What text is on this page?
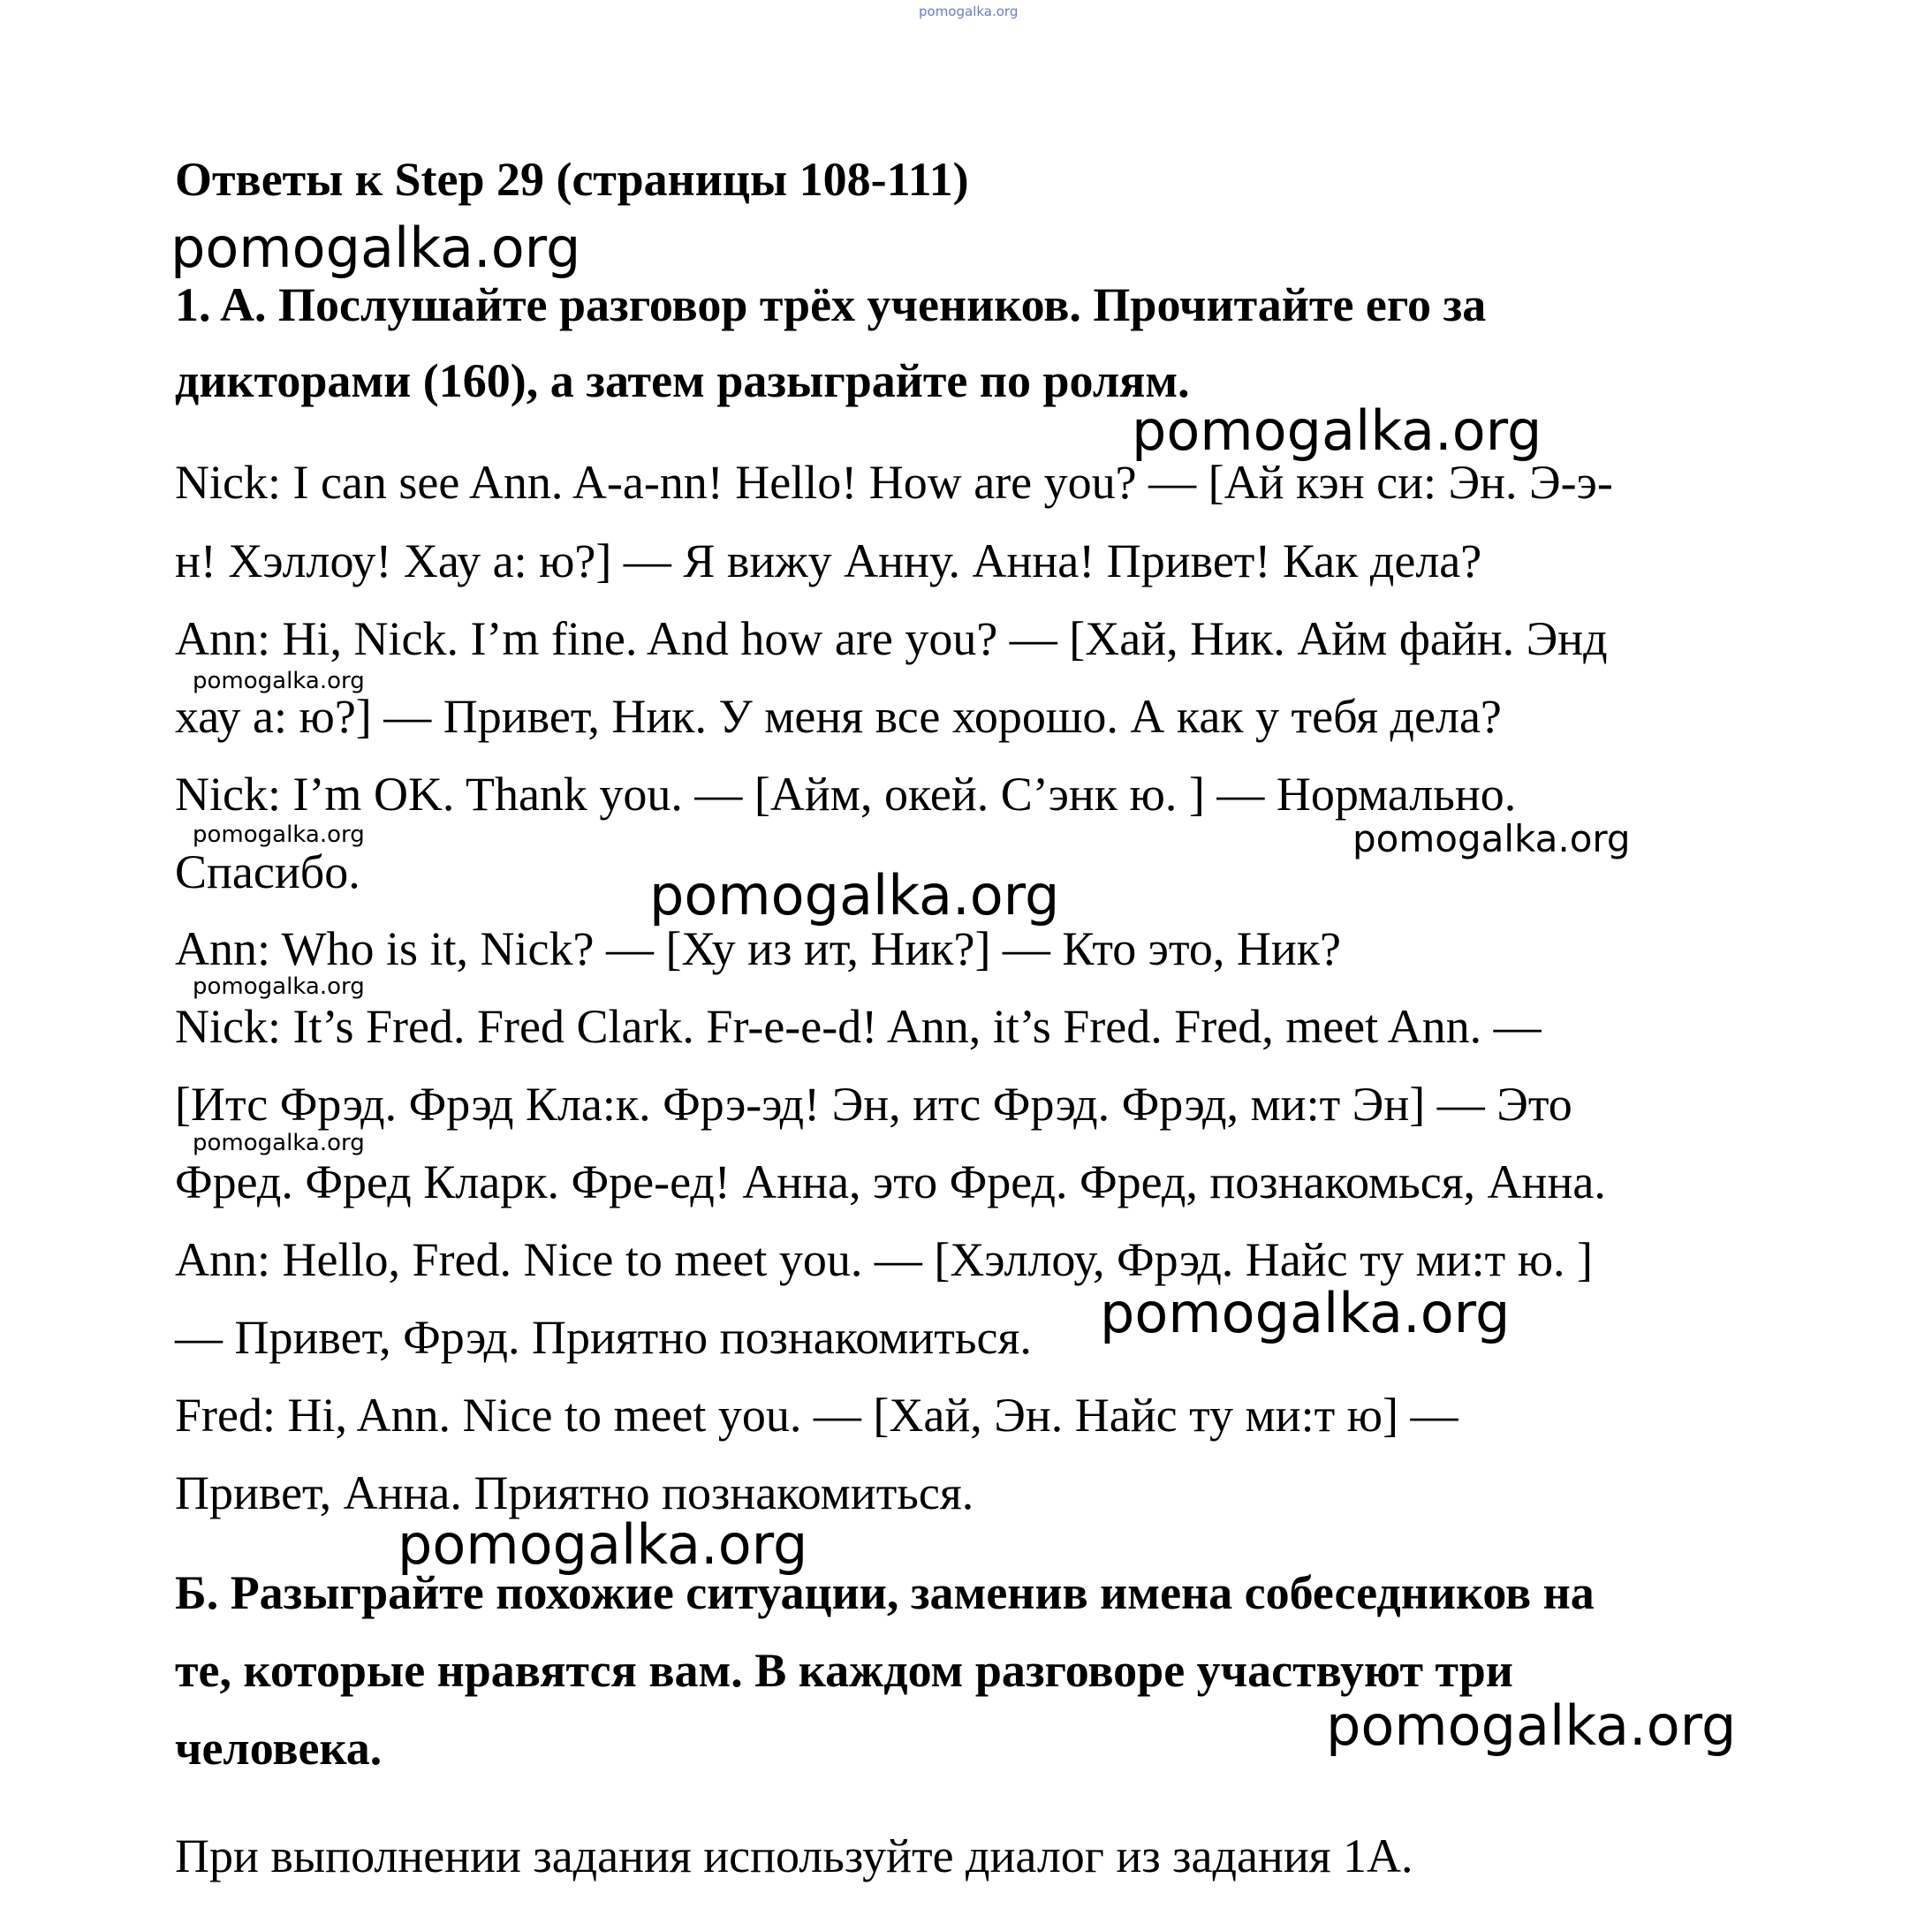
pomogalka.org
Ответы к Step 29 (страницы 108-111)
pomogalka.org
1. A. Послушайте разговор трёх учеников. Прочитайте его за
дикторами (160), а затем разыграйте по ролям.
pomogalka.org
Nick: I can see Ann. A-a-nn! Hello! How are you? — [Ай кэн си: Эн. Э-э-
н! Хэллоу! Хау а: ю?] — Я вижу Анну. Анна! Привет! Как дела?
Ann: Hi, Nick. I’m fine. And how are you? — [Хай, Ник. Айм файн. Энд
pomogalka.org
хау а: ю?] — Привет, Ник. У меня все хорошо. А как у тебя дела?
Nick: I’m OK. Thank you. — [Айм, окей. С’энк ю. ] — Нормально.
pomogalka.org	pomogalka.org
Спасибо.	pomogalka.org
Ann: Who is it, Nick? — [Ху из ит, Ник?] — Кто это, Ник?
pomogalka.org
Nick: It’s Fred. Fred Clark. Fr-e-e-d! Ann, it’s Fred. Fred, meet Ann. —
[Итс Фрэд. Фрэд Кла:к. Фрэ-эд! Эн, итс Фрэд. Фрэд, ми:т Эн] — Это
pomogalka.org
Фред. Фред Кларк. Фре-ед! Анна, это Фред. Фред, познакомься, Анна.
Ann: Hello, Fred. Nice to meet you. — [Хэллоу, Фрэд. Найс ту ми:т ю. ]
— Привет, Фрэд. Приятно познакомиться. pomogalka.org
Fred: Hi, Ann. Nice to meet you. — [Хай, Эн. Найс ту ми:т ю] —
Привет, Анна. Приятно познакомиться.
pomogalka.org
Б. Разыграйте похожие ситуации, заменив имена собеседников на
те, которые нравятся вам. В каждом разговоре участвуют три
pomogalka.org
человека.
При выполнении задания используйте диалог из задания 1А.
